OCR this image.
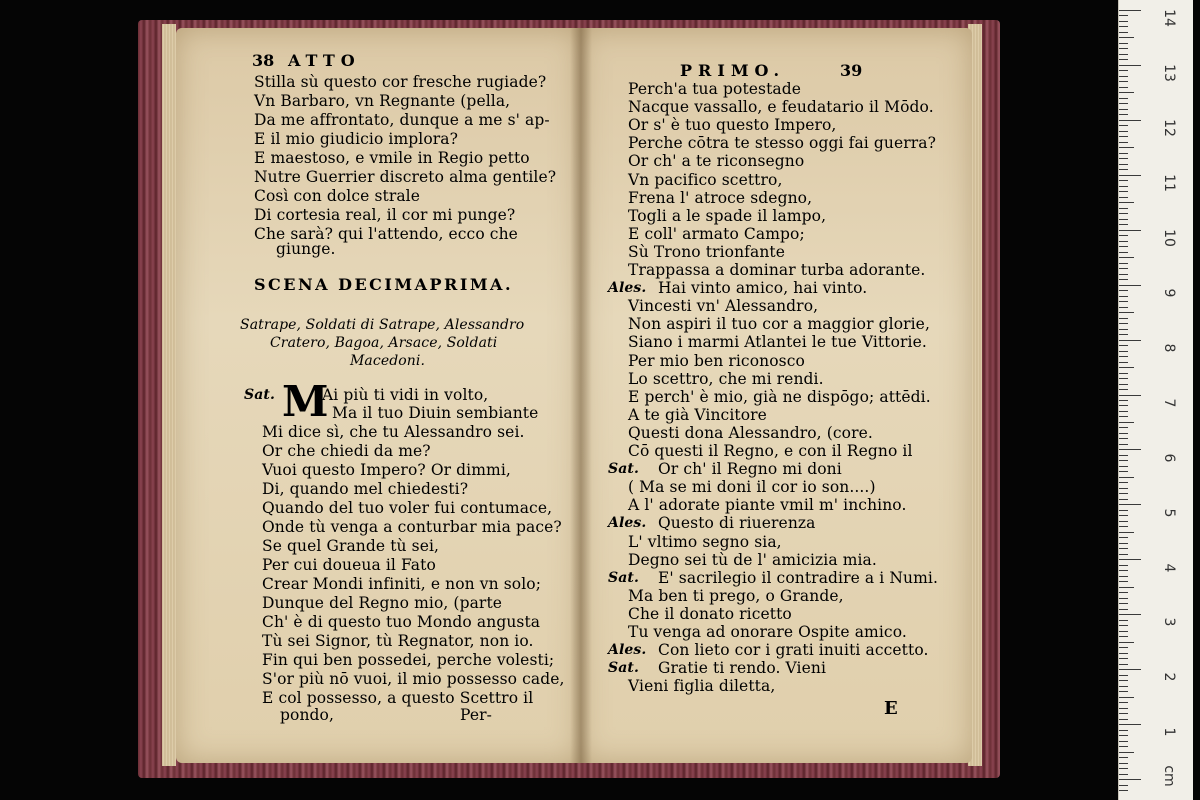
38 ATTO
Stilla sù questo cor fresche rugiade?
Vn Barbaro, vn Regnante (pella,
Da me affrontato, dunque a me s' ap-
E il mio giudicio implora?
E maestoso, e vmile in Regio petto
Nutre Guerrier discreto alma gentile?
Così con dolce strale
Di cortesia real, il cor mi punge?
Che sarà? qui l'attendo, ecco che
giunge.
SCENA DECIMAPRIMA.
Satrape, Soldati di Satrape, Alessandro
Cratero, Bagoa, Arsace, Soldati
Macedoni.
Sat. M
Ai più ti vidi in volto,
Ma il tuo Diuin sembiante
Mi dice sì, che tu Alessandro sei.
Or che chiedi da me?
Vuoi questo Impero? Or dimmi,
Di, quando mel chiedesti?
Quando del tuo voler fui contumace,
Onde tù venga a conturbar mia pace?
Se quel Grande tù sei,
Per cui doueua il Fato
Crear Mondi infiniti, e non vn solo;
Dunque del Regno mio, (parte
Ch' è di questo tuo Mondo angusta
Tù sei Signor, tù Regnator, non io.
Fin qui ben possedei, perche volesti;
S'or più nō vuoi, il mio possesso cade,
E col possesso, a questo Scettro il
pondo,	Per-
PRIMO.	39
Perch'a tua potestade
Nacque vassallo, e feudatario il Mōdo.
Or s' è tuo questo Impero,
Perche cōtra te stesso oggi fai guerra?
Or ch' a te riconsegno
Vn pacifico scettro,
Frena l' atroce sdegno,
Togli a le spade il lampo,
E coll' armato Campo;
Sù Trono trionfante
Trappassa a dominar turba adorante.
Ales. Hai vinto amico, hai vinto.
Vincesti vn' Alessandro,
Non aspiri il tuo cor a maggior glorie,
Siano i marmi Atlantei le tue Vittorie.
Per mio ben riconosco
Lo scettro, che mi rendi.
E perch' è mio, già ne dispōgo; attēdi.
A te già Vincitore
Questi dona Alessandro, (core.
Cō questi il Regno, e con il Regno il
Sat. Or ch' il Regno mi doni
( Ma se mi doni il cor io son....)
A l' adorate piante vmil m' inchino.
Ales. Questo di riuerenza
L' vltimo segno sia,
Degno sei tù de l' amicizia mia.
Sat. E' sacrilegio il contradire a i Numi.
Ma ben ti prego, o Grande,
Che il donato ricetto
Tu venga ad onorare Ospite amico.
Ales. Con lieto cor i grati inuiti accetto.
Sat. Gratie ti rendo. Vieni
Vieni figlia diletta,
E
14
13
12
11
10
9
8
7
6
5
4
3
2
1
cm
